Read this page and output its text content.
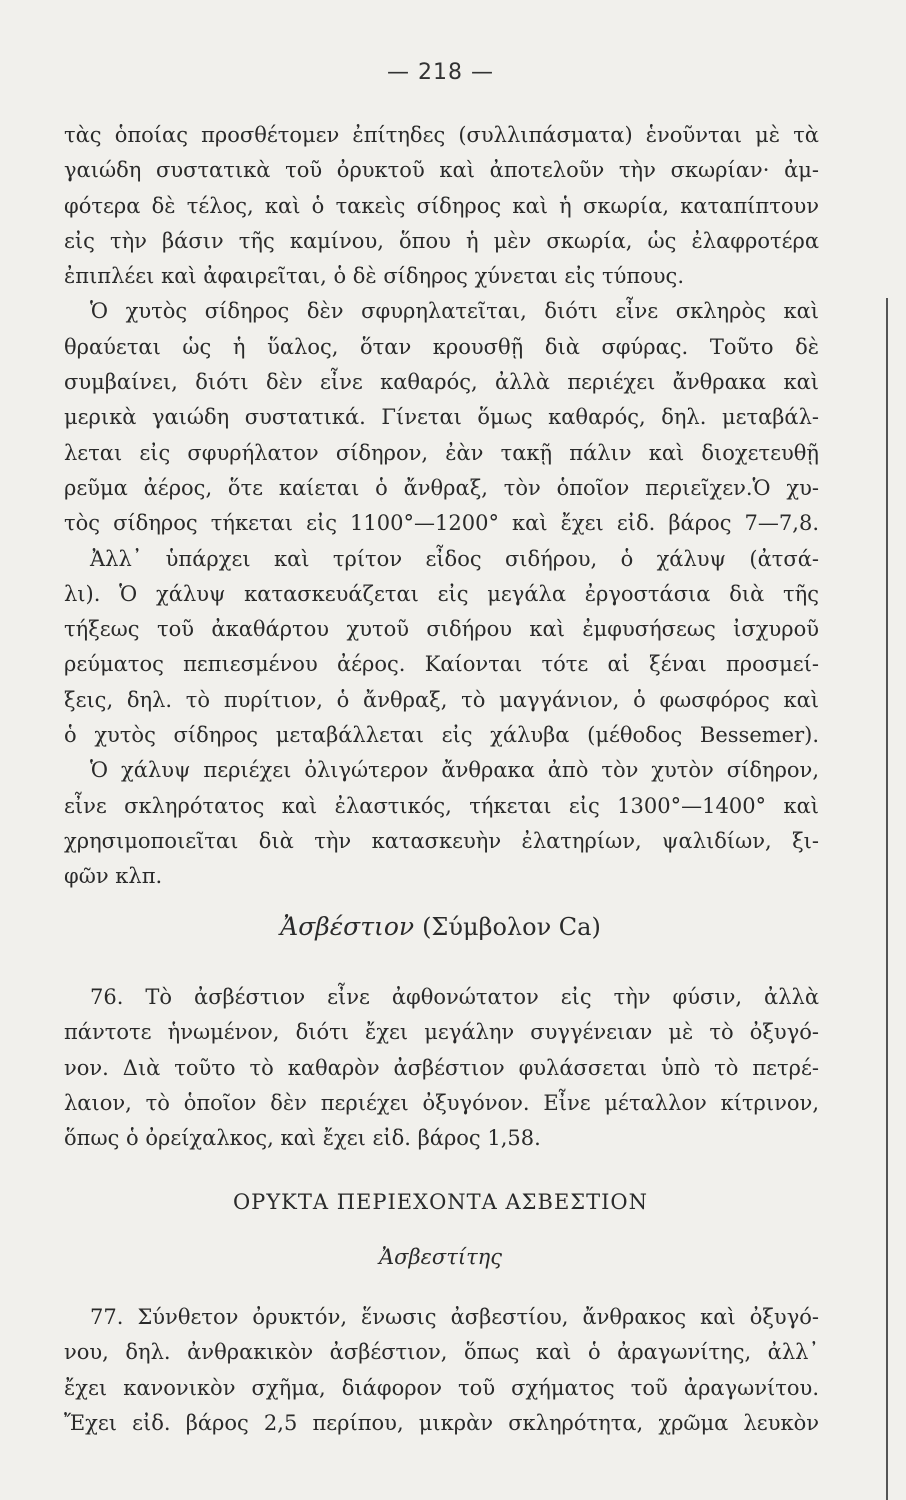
— 218 —
τὰς ὁποίας προσθέτομεν ἐπίτηδες (συλλιπάσματα) ἑνοῦνται μὲ τὰ
γαιώδη συστατικὰ τοῦ ὀρυκτοῦ καὶ ἀποτελοῦν τὴν σκωρίαν· ἀμ-
φότερα δὲ τέλος, καὶ ὁ τακεὶς σίδηρος καὶ ἡ σκωρία, καταπίπτουν
εἰς τὴν βάσιν τῆς καμίνου, ὅπου ἡ μὲν σκωρία, ὡς ἐλαφροτέρα
ἐπιπλέει καὶ ἀφαιρεῖται, ὁ δὲ σίδηρος χύνεται εἰς τύπους.
Ὁ χυτὸς σίδηρος δὲν σφυρηλατεῖται, διότι εἶνε σκληρὸς καὶ
θραύεται ὡς ἡ ὕαλος, ὅταν κρουσθῇ διὰ σφύρας. Τοῦτο δὲ
συμβαίνει, διότι δὲν εἶνε καθαρός, ἀλλὰ περιέχει ἄνθρακα καὶ
μερικὰ γαιώδη συστατικά. Γίνεται ὅμως καθαρός, δηλ. μεταβάλ-
λεται εἰς σφυρήλατον σίδηρον, ἐὰν τακῇ πάλιν καὶ διοχετευθῇ
ρεῦμα ἀέρος, ὅτε καίεται ὁ ἄνθραξ, τὸν ὁποῖον περιεῖχεν.Ὁ χυ-
τὸς σίδηρος τήκεται εἰς 1100°—1200° καὶ ἔχει εἰδ. βάρος 7—7,8.
Ἀλλ᾿ ὑπάρχει καὶ τρίτον εἶδος σιδήρου, ὁ χάλυψ (ἀτσά-
λι). Ὁ χάλυψ κατασκευάζεται εἰς μεγάλα ἐργοστάσια διὰ τῆς
τήξεως τοῦ ἀκαθάρτου χυτοῦ σιδήρου καὶ ἐμφυσήσεως ἰσχυροῦ
ρεύματος πεπιεσμένου ἀέρος. Καίονται τότε αἱ ξέναι προσμεί-
ξεις, δηλ. τὸ πυρίτιον, ὁ ἄνθραξ, τὸ μαγγάνιον, ὁ φωσφόρος καὶ
ὁ χυτὸς σίδηρος μεταβάλλεται εἰς χάλυβα (μέθοδος Bessemer).
Ὁ χάλυψ περιέχει ὀλιγώτερον ἄνθρακα ἀπὸ τὸν χυτὸν σίδηρον,
εἶνε σκληρότατος καὶ ἐλαστικός, τήκεται εἰς 1300°—1400° καὶ
χρησιμοποιεῖται διὰ τὴν κατασκευὴν ἐλατηρίων, ψαλιδίων, ξι-
φῶν κλπ.
Ἀσβέστιον (Σύμβολον Ca)
76. Τὸ ἀσβέστιον εἶνε ἀφθονώτατον εἰς τὴν φύσιν, ἀλλὰ
πάντοτε ἡνωμένον, διότι ἔχει μεγάλην συγγένειαν μὲ τὸ ὀξυγό-
νον. Διὰ τοῦτο τὸ καθαρὸν ἀσβέστιον φυλάσσεται ὑπὸ τὸ πετρέ-
λαιον, τὸ ὁποῖον δὲν περιέχει ὀξυγόνον. Εἶνε μέταλλον κίτρινον,
ὅπως ὁ ὀρείχαλκος, καὶ ἔχει εἰδ. βάρος 1,58.
ΟΡΥΚΤΑ ΠΕΡΙΕΧΟΝΤΑ ΑΣΒΕΣΤΙΟΝ
Ἀσβεστίτης
77. Σύνθετον ὀρυκτόν, ἕνωσις ἀσβεστίου, ἄνθρακος καὶ ὀξυγό-
νου, δηλ. ἀνθρακικὸν ἀσβέστιον, ὅπως καὶ ὁ ἀραγωνίτης, ἀλλ᾿
ἔχει κανονικὸν σχῆμα, διάφορον τοῦ σχήματος τοῦ ἀραγωνίτου.
Ἔχει εἰδ. βάρος 2,5 περίπου, μικρὰν σκληρότητα, χρῶμα λευκὸν
